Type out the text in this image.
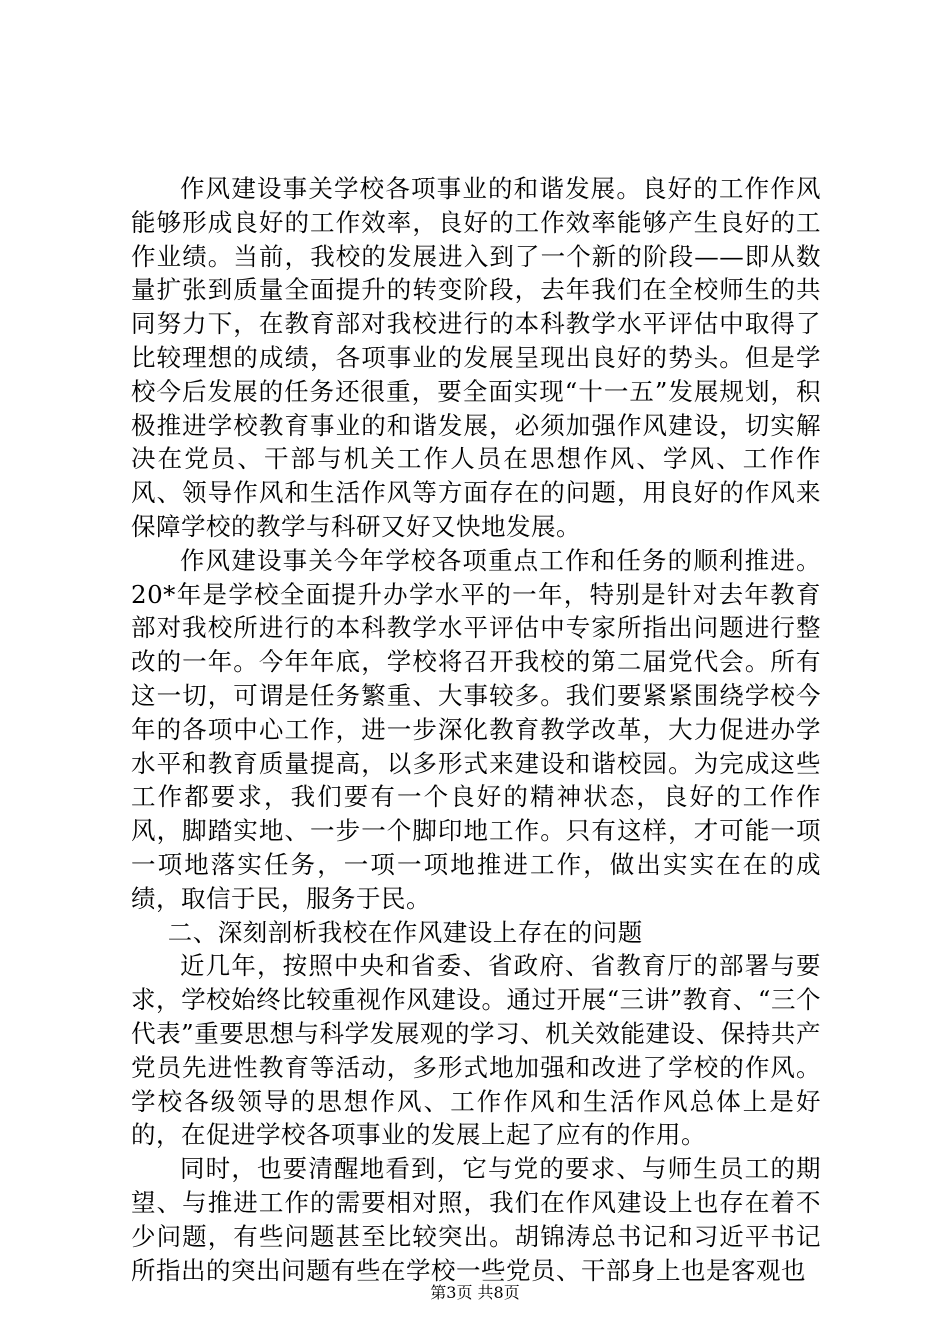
作风建设事关学校各项事业的和谐发展。良好的工作作风能够形成良好的工作效率，良好的工作效率能够产生良好的工作业绩。当前，我校的发展进入到了一个新的阶段——即从数量扩张到质量全面提升的转变阶段，去年我们在全校师生的共同努力下，在教育部对我校进行的本科教学水平评估中取得了比较理想的成绩，各项事业的发展呈现出良好的势头。但是学校今后发展的任务还很重，要全面实现“十一五”发展规划，积极推进学校教育事业的和谐发展，必须加强作风建设，切实解决在党员、干部与机关工作人员在思想作风、学风、工作作风、领导作风和生活作风等方面存在的问题，用良好的作风来保障学校的教学与科研又好又快地发展。

作风建设事关今年学校各项重点工作和任务的顺利推进。20*年是学校全面提升办学水平的一年，特别是针对去年教育部对我校所进行的本科教学水平评估中专家所指出问题进行整改的一年。今年年底，学校将召开我校的第二届党代会。所有这一切，可谓是任务繁重、大事较多。我们要紧紧围绕学校今年的各项中心工作，进一步深化教育教学改革，大力促进办学水平和教育质量提高，以多形式来建设和谐校园。为完成这些工作都要求，我们要有一个良好的精神状态，良好的工作作风，脚踏实地、一步一个脚印地工作。只有这样，才可能一项一项地落实任务，一项一项地推进工作，做出实实在在的成绩，取信于民，服务于民。

二、深刻剖析我校在作风建设上存在的问题

近几年，按照中央和省委、省政府、省教育厅的部署与要求，学校始终比较重视作风建设。通过开展“三讲”教育、“三个代表”重要思想与科学发展观的学习、机关效能建设、保持共产党员先进性教育等活动，多形式地加强和改进了学校的作风。学校各级领导的思想作风、工作作风和生活作风总体上是好的，在促进学校各项事业的发展上起了应有的作用。

同时，也要清醒地看到，它与党的要求、与师生员工的期望、与推进工作的需要相对照，我们在作风建设上也存在着不少问题，有些问题甚至比较突出。胡锦涛总书记和习近平书记所指出的突出问题有些在学校一些党员、干部身上也是客观也

第3页 共8页
